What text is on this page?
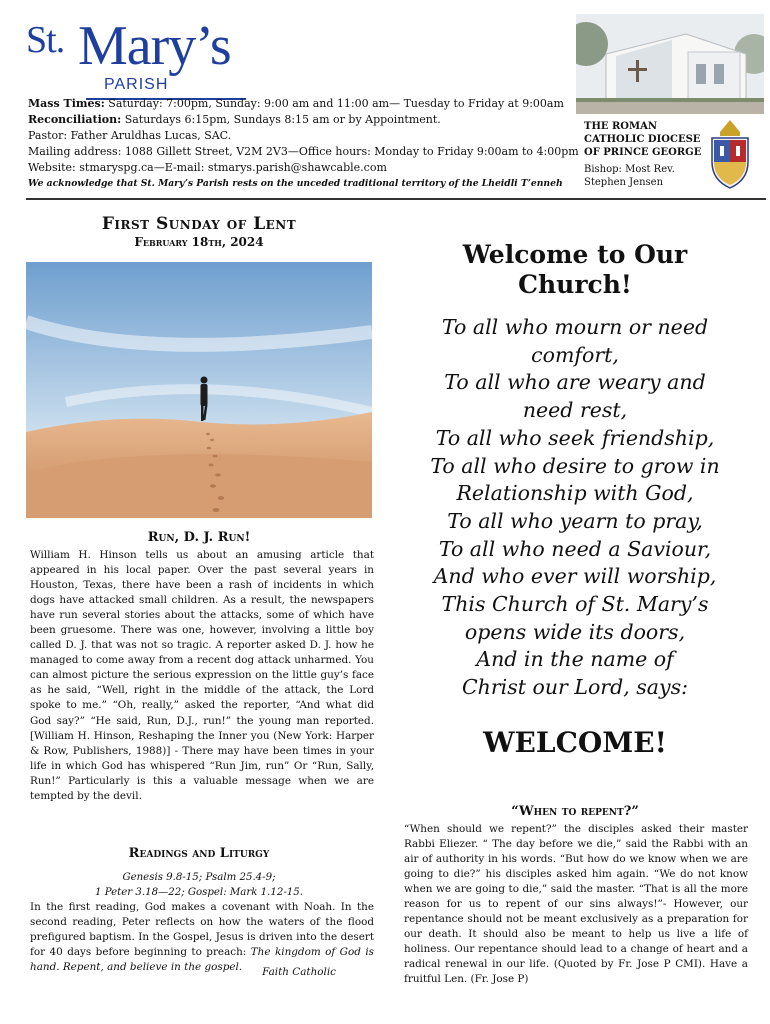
St. Mary’s
PARISH
Mass Times: Saturday: 7:00pm, Sunday: 9:00 am and 11:00 am— Tuesday to Friday at 9:00am
Reconciliation: Saturdays 6:15pm, Sundays 8:15 am or by Appointment.
Pastor: Father Aruldhas Lucas, SAC.
Mailing address: 1088 Gillett Street, V2M 2V3—Office hours: Monday to Friday 9:00am to 4:00pm
Website: stmaryspg.ca—E-mail: stmarys.parish@shawcable.com
We acknowledge that St. Mary’s Parish rests on the unceded traditional territory of the Lheidli T’enneh
THE ROMAN
CATHOLIC DIOCESE
OF PRINCE GEORGE
Bishop: Most Rev.
Stephen Jensen
First Sunday of Lent
February 18th, 2024
Run, D. J. Run!
William H. Hinson tells us about an amusing article that appeared in his local paper. Over the past several years in Houston, Texas, there have been a rash of incidents in which dogs have attacked small children. As a result, the newspapers have run several stories about the attacks, some of which have been gruesome. There was one, however, involving a little boy called D. J. that was not so tragic. A reporter asked D. J. how he managed to come away from a recent dog attack unharmed. You can almost picture the serious expression on the little guy’s face as he said, “Well, right in the middle of the attack, the Lord spoke to me.” “Oh, really,” asked the reporter, “And what did God say?” “He said, Run, D.J., run!” the young man reported. [William H. Hinson, Reshaping the Inner you (New York: Harper & Row, Publishers, 1988)] - There may have been times in your life in which God has whispered “Run Jim, run” Or “Run, Sally, Run!” Particularly is this a valuable message when we are tempted by the devil.
Readings and Liturgy
Genesis 9.8-15; Psalm 25.4-9;
1 Peter 3.18—22; Gospel: Mark 1.12-15.
In the first reading, God makes a covenant with Noah. In the second reading, Peter reflects on how the waters of the flood prefigured baptism. In the Gospel, Jesus is driven into the desert for 40 days before beginning to preach: The kingdom of God is hand. Repent, and believe in the gospel.	Faith Catholic
Welcome to Our
Church!
To all who mourn or need
comfort,
To all who are weary and
need rest,
To all who seek friendship,
To all who desire to grow in
Relationship with God,
To all who yearn to pray,
To all who need a Saviour,
And who ever will worship,
This Church of St. Mary’s
opens wide its doors,
And in the name of
Christ our Lord, says:
WELCOME!
“When to repent?”
“When should we repent?” the disciples asked their master Rabbi Eliezer. “ The day before we die,” said the Rabbi with an air of authority in his words. “But how do we know when we are going to die?” his disciples asked him again. “We do not know when we are going to die,” said the master. “That is all the more reason for us to repent of our sins always!”- However, our repentance should not be meant exclusively as a preparation for our death. It should also be meant to help us live a life of holiness. Our repentance should lead to a change of heart and a radical renewal in our life. (Quoted by Fr. Jose P CMI). Have a fruitful Len. (Fr. Jose P)
